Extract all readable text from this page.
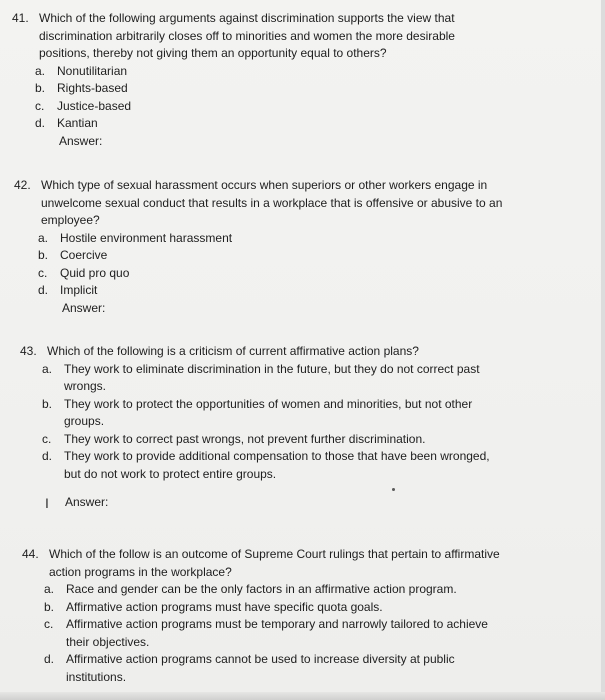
41. Which of the following arguments against discrimination supports the view that
discrimination arbitrarily closes off to minorities and women the more desirable
positions, thereby not giving them an opportunity equal to others?
a. Nonutilitarian
b. Rights-based
c.	Justice-based
d. Kantian
Answer:
42. Which type of sexual harassment occurs when superiors or other workers engage in
unwelcome sexual conduct that results in a workplace that is offensive or abusive to an
employee?
a. Hostile environment harassment
b. Coercive
c.	Quid pro quo
d. Implicit
Answer:
43. Which of the following is a criticism of current affirmative action plans?
a. They work to eliminate discrimination in the future, but they do not correct past
wrongs.
b. They work to protect the opportunities of women and minorities, but not other
groups.
c.	They work to correct past wrongs, not prevent further discrimination.
d. They work to provide additional compensation to those that have been wronged,
but do not work to protect entire groups.
I	Answer:
44. Which of the follow is an outcome of Supreme Court rulings that pertain to affirmative
action programs in the workplace?
a. Race and gender can be the only factors in an affirmative action program.
b. Affirmative action programs must have specific quota goals.
c.	Affirmative action programs must be temporary and narrowly tailored to achieve
their objectives.
d. Affirmative action programs cannot be used to increase diversity at public
institutions.
